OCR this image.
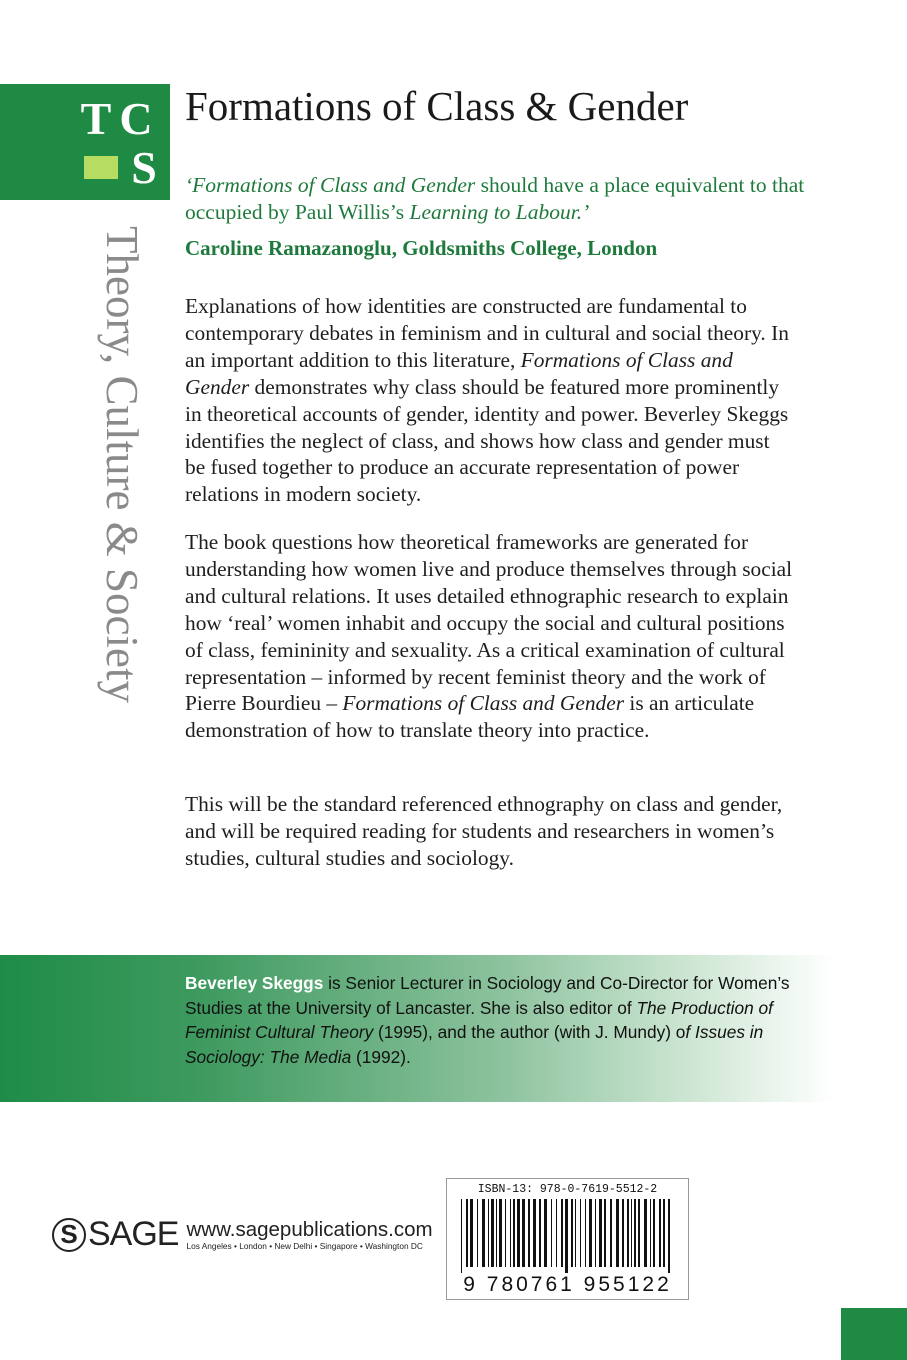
T C
S
Theory, Culture & Society
Formations of Class & Gender
‘Formations of Class and Gender should have a place equivalent to that occupied by Paul Willis’s Learning to Labour.’
Caroline Ramazanoglu, Goldsmiths College, London
Explanations of how identities are constructed are fundamental to contemporary debates in feminism and in cultural and social theory. In an important addition to this literature, Formations of Class and Gender demonstrates why class should be featured more prominently in theoretical accounts of gender, identity and power. Beverley Skeggs identifies the neglect of class, and shows how class and gender must be fused together to produce an accurate representation of power relations in modern society.
The book questions how theoretical frameworks are generated for understanding how women live and produce themselves through social and cultural relations. It uses detailed ethnographic research to explain how ‘real’ women inhabit and occupy the social and cultural positions of class, femininity and sexuality. As a critical examination of cultural representation – informed by recent feminist theory and the work of Pierre Bourdieu – Formations of Class and Gender is an articulate demonstration of how to translate theory into practice.
This will be the standard referenced ethnography on class and gender, and will be required reading for students and researchers in women’s studies, cultural studies and sociology.
Beverley Skeggs is Senior Lecturer in Sociology and Co-Director for Women’s Studies at the University of Lancaster. She is also editor of The Production of Feminist Cultural Theory (1995), and the author (with J. Mundy) of Issues in Sociology: The Media (1992).
S SAGE www.sagepublications.com
Los Angeles • London • New Delhi • Singapore • Washington DC
ISBN-13: 978-0-7619-5512-2
9 780761 955122
